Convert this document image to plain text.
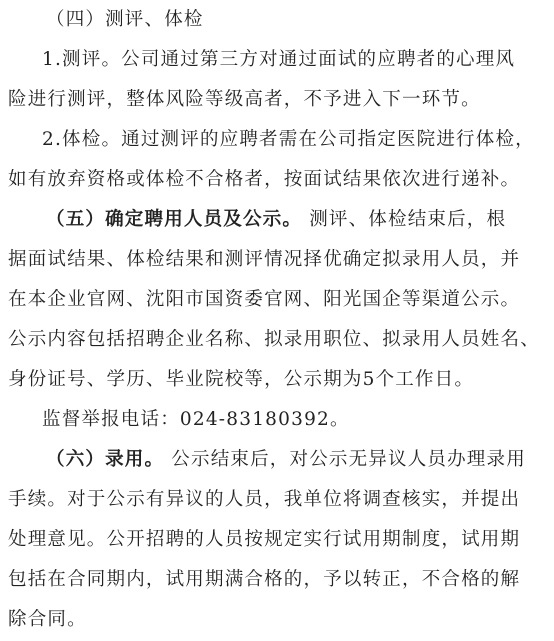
（四）测评、体检
1.测评。公司通过第三方对通过面试的应聘者的心理风
险进行测评，整体风险等级高者，不予进入下一环节。
2.体检。通过测评的应聘者需在公司指定医院进行体检，
如有放弃资格或体检不合格者，按面试结果依次进行递补。
（五）确定聘用人员及公示。 测评、体检结束后，根
据面试结果、体检结果和测评情况择优确定拟录用人员，并
在本企业官网、沈阳市国资委官网、阳光国企等渠道公示。
公示内容包括招聘企业名称、拟录用职位、拟录用人员姓名、
身份证号、学历、毕业院校等，公示期为5个工作日。
监督举报电话：024-83180392。
（六）录用。 公示结束后，对公示无异议人员办理录用
手续。对于公示有异议的人员，我单位将调查核实，并提出
处理意见。公开招聘的人员按规定实行试用期制度，试用期
包括在合同期内，试用期满合格的，予以转正，不合格的解
除合同。
